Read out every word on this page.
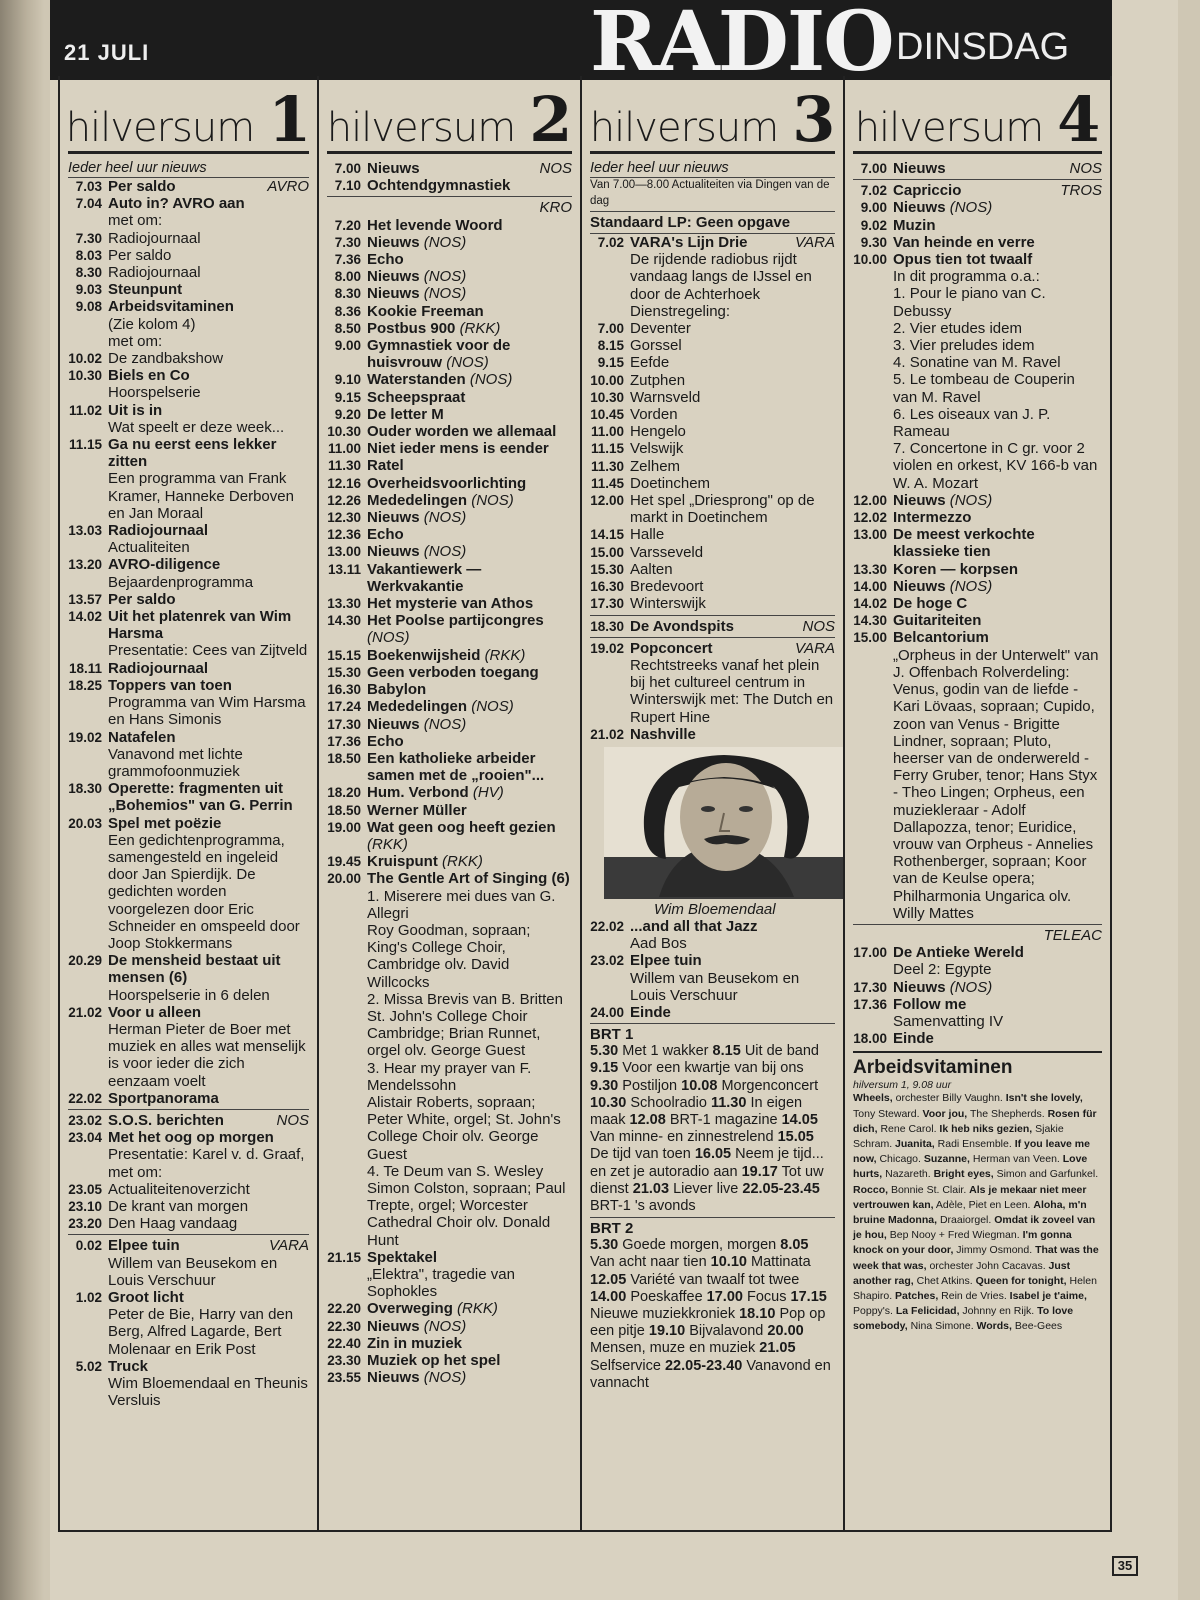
21 JULI	RADIO DINSDAG
hilversum 1
Ieder heel uur nieuws
7.03 Per saldo	AVRO
7.04 Auto in? AVRO aan
met om:
7.30 Radiojournaal
8.03 Per saldo
8.30 Radiojournaal
9.03 Steunpunt
9.08 Arbeidsvitaminen
(Zie kolom 4)
met om:
10.02 De zandbakshow
10.30 Biels en Co
Hoorspelserie
11.02 Uit is in
Wat speelt er deze week...
11.15 Ga nu eerst eens lekker zitten
Een programma van Frank Kramer, Hanneke Derboven en Jan Moraal
13.03 Radiojournaal
Actualiteiten
13.20 AVRO-diligence
Bejaardenprogramma
13.57 Per saldo
14.02 Uit het platenrek van Wim Harsma
Presentatie: Cees van Zijtveld
18.11 Radiojournaal
18.25 Toppers van toen
Programma van Wim Harsma en Hans Simonis
19.02 Natafelen
Vanavond met lichte grammofoonmuziek
18.30 Operette: fragmenten uit „Bohemios" van G. Perrin
20.03 Spel met poëzie
Een gedichtenprogramma, samengesteld en ingeleid door Jan Spierdijk. De gedichten worden voorgelezen door Eric Schneider en omspeeld door Joop Stokkermans
20.29 De mensheid bestaat uit mensen (6)
Hoorspelserie in 6 delen
21.02 Voor u alleen
Herman Pieter de Boer met muziek en alles wat menselijk is voor ieder die zich eenzaam voelt
22.02 Sportpanorama
23.02 S.O.S. berichten	NOS
23.04 Met het oog op morgen
Presentatie: Karel v. d. Graaf, met om:
23.05 Actualiteitenoverzicht
23.10 De krant van morgen
23.20 Den Haag vandaag
0.02 Elpee tuin	VARA
Willem van Beusekom en Louis Verschuur
1.02 Groot licht
Peter de Bie, Harry van den Berg, Alfred Lagarde, Bert Molenaar en Erik Post
5.02 Truck
Wim Bloemendaal en Theunis Versluis
hilversum 2
7.00 Nieuws	NOS
7.10 Ochtendgymnastiek
KRO
7.20 Het levende Woord
7.30 Nieuws (NOS)
7.36 Echo
8.00 Nieuws (NOS)
8.30 Nieuws (NOS)
8.36 Kookie Freeman
8.50 Postbus 900 (RKK)
9.00 Gymnastiek voor de huisvrouw (NOS)
9.10 Waterstanden (NOS)
9.15 Scheepspraat
9.20 De letter M
10.30 Ouder worden we allemaal
11.00 Niet ieder mens is eender
11.30 Ratel
12.16 Overheidsvoorlichting
12.26 Mededelingen (NOS)
12.30 Nieuws (NOS)
12.36 Echo
13.00 Nieuws (NOS)
13.11 Vakantiewerk — Werkvakantie
13.30 Het mysterie van Athos
14.30 Het Poolse partijcongres (NOS)
15.15 Boekenwijsheid (RKK)
15.30 Geen verboden toegang
16.30 Babylon
17.24 Mededelingen (NOS)
17.30 Nieuws (NOS)
17.36 Echo
18.50 Een katholieke arbeider samen met de „rooien"...
18.20 Hum. Verbond (HV)
18.50 Werner Müller
19.00 Wat geen oog heeft gezien (RKK)
19.45 Kruispunt (RKK)
20.00 The Gentle Art of Singing (6)
1. Miserere mei dues van G. Allegri
Roy Goodman, sopraan; King's College Choir, Cambridge olv. David Willcocks
2. Missa Brevis van B. Britten
St. John's College Choir Cambridge; Brian Runnet, orgel olv. George Guest
3. Hear my prayer van F. Mendelssohn
Alistair Roberts, sopraan; Peter White, orgel; St. John's College Choir olv. George Guest
4. Te Deum van S. Wesley
Simon Colston, sopraan; Paul Trepte, orgel; Worcester Cathedral Choir olv. Donald Hunt
21.15 Spektakel
„Elektra", tragedie van Sophokles
22.20 Overweging (RKK)
22.30 Nieuws (NOS)
22.40 Zin in muziek
23.30 Muziek op het spel
23.55 Nieuws (NOS)
hilversum 3
Ieder heel uur nieuws
Van 7.00—8.00 Actualiteiten via Dingen van de dag
Standaard LP: Geen opgave
7.02 VARA's Lijn Drie	VARA
De rijdende radiobus rijdt vandaag langs de IJssel en door de Achterhoek
Dienstregeling:
7.00 Deventer
8.15 Gorssel
9.15 Eefde
10.00 Zutphen
10.30 Warnsveld
10.45 Vorden
11.00 Hengelo
11.15 Velswijk
11.30 Zelhem
11.45 Doetinchem
12.00 Het spel „Driesprong" op de markt in Doetinchem
14.15 Halle
15.00 Varsseveld
15.30 Aalten
16.30 Bredevoort
17.30 Winterswijk
18.30 De Avondspits	NOS
19.02 Popconcert	VARA
Rechtstreeks vanaf het plein bij het cultureel centrum in Winterswijk met: The Dutch en Rupert Hine
21.02 Nashville
Wim Bloemendaal
22.02 ...and all that Jazz
Aad Bos
23.02 Elpee tuin
Willem van Beusekom en Louis Verschuur
24.00 Einde
BRT 1
5.30 Met 1 wakker 8.15 Uit de band 9.15 Voor een kwartje van bij ons 9.30 Postiljon 10.08 Morgenconcert 10.30 Schoolradio 11.30 In eigen maak 12.08 BRT-1 magazine 14.05 Van minne- en zinnestrelend 15.05 De tijd van toen 16.05 Neem je tijd... en zet je autoradio aan 19.17 Tot uw dienst 21.03 Liever live 22.05-23.45 BRT-1 's avonds
BRT 2
5.30 Goede morgen, morgen 8.05 Van acht naar tien 10.10 Mattinata 12.05 Variété van twaalf tot twee 14.00 Poeskaffee 17.00 Focus 17.15 Nieuwe muziekkroniek 18.10 Pop op een pitje 19.10 Bijvalavond 20.00 Mensen, muze en muziek 21.05 Selfservice 22.05-23.40 Vanavond en vannacht
hilversum 4
7.00 Nieuws	NOS
7.02 Capriccio	TROS
9.00 Nieuws (NOS)
9.02 Muzin
9.30 Van heinde en verre
10.00 Opus tien tot twaalf
In dit programma o.a.:
1. Pour le piano van C. Debussy
2. Vier etudes idem
3. Vier preludes idem
4. Sonatine van M. Ravel
5. Le tombeau de Couperin van M. Ravel
6. Les oiseaux van J. P. Rameau
7. Concertone in C gr. voor 2 violen en orkest, KV 166-b van W. A. Mozart
12.00 Nieuws (NOS)
12.02 Intermezzo
13.00 De meest verkochte klassieke tien
13.30 Koren — korpsen
14.00 Nieuws (NOS)
14.02 De hoge C
14.30 Guitariteiten
15.00 Belcantorium
„Orpheus in der Unterwelt" van J. Offenbach Rolverdeling: Venus, godin van de liefde - Kari Lövaas, sopraan; Cupido, zoon van Venus - Brigitte Lindner, sopraan; Pluto, heerser van de onderwereld - Ferry Gruber, tenor; Hans Styx - Theo Lingen; Orpheus, een muziekleraar - Adolf Dallapozza, tenor; Euridice, vrouw van Orpheus - Annelies Rothenberger, sopraan; Koor van de Keulse opera; Philharmonia Ungarica olv. Willy Mattes
TELEAC
17.00 De Antieke Wereld
Deel 2: Egypte
17.30 Nieuws (NOS)
17.36 Follow me
Samenvatting IV
18.00 Einde
Arbeidsvitaminen
hilversum 1, 9.08 uur
Wheels, orchester Billy Vaughn. Isn't she lovely, Tony Steward. Voor jou, The Shepherds. Rosen für dich, Rene Carol. Ik heb niks gezien, Sjakie Schram. Juanita, Radi Ensemble. If you leave me now, Chicago. Suzanne, Herman van Veen. Love hurts, Nazareth. Bright eyes, Simon and Garfunkel. Rocco, Bonnie St. Clair. Als je mekaar niet meer vertrouwen kan, Adèle, Piet en Leen. Aloha, m'n bruine Madonna, Draaiorgel. Omdat ik zoveel van je hou, Bep Nooy + Fred Wiegman. I'm gonna knock on your door, Jimmy Osmond. That was the week that was, orchester John Cacavas. Just another rag, Chet Atkins. Queen for tonight, Helen Shapiro. Patches, Rein de Vries. Isabel je t'aime, Poppy's. La Felicidad, Johnny en Rijk. To love somebody, Nina Simone. Words, Bee-Gees
35
